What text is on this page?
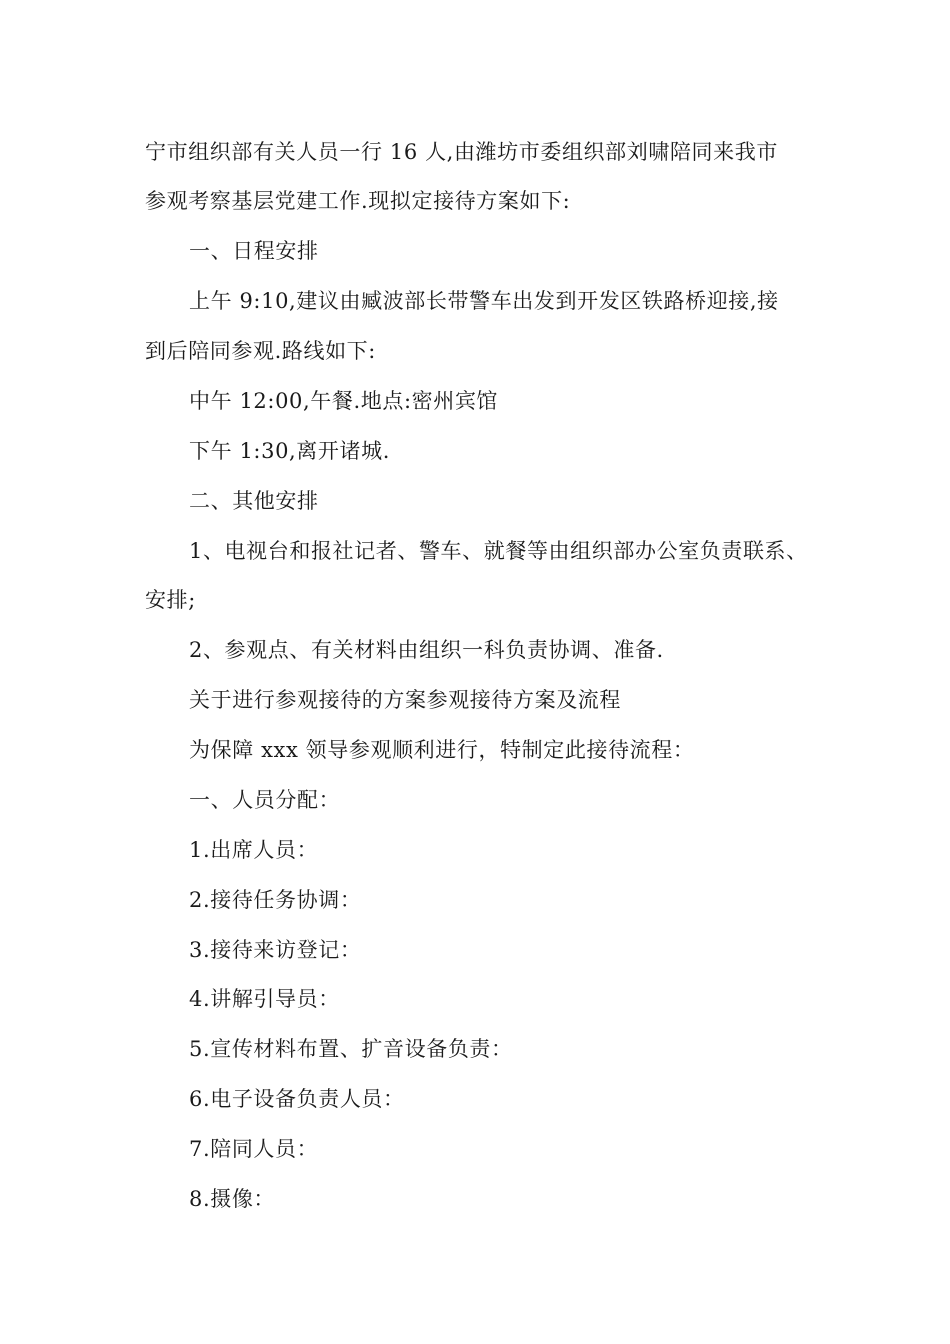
宁市组织部有关人员一行 16 人,由潍坊市委组织部刘啸陪同来我市
参观考察基层党建工作.现拟定接待方案如下:
一、日程安排
上午 9:10,建议由臧波部长带警车出发到开发区铁路桥迎接,接
到后陪同参观.路线如下:
中午 12:00,午餐.地点:密州宾馆
下午 1:30,离开诸城.
二、其他安排
1、电视台和报社记者、警车、就餐等由组织部办公室负责联系、
安排;
2、参观点、有关材料由组织一科负责协调、准备.
关于进行参观接待的方案参观接待方案及流程
为保障 xxx 领导参观顺利进行，特制定此接待流程：
一、人员分配：
1.出席人员：
2.接待任务协调：
3.接待来访登记：
4.讲解引导员：
5.宣传材料布置、扩音设备负责：
6.电子设备负责人员：
7.陪同人员：
8.摄像：
